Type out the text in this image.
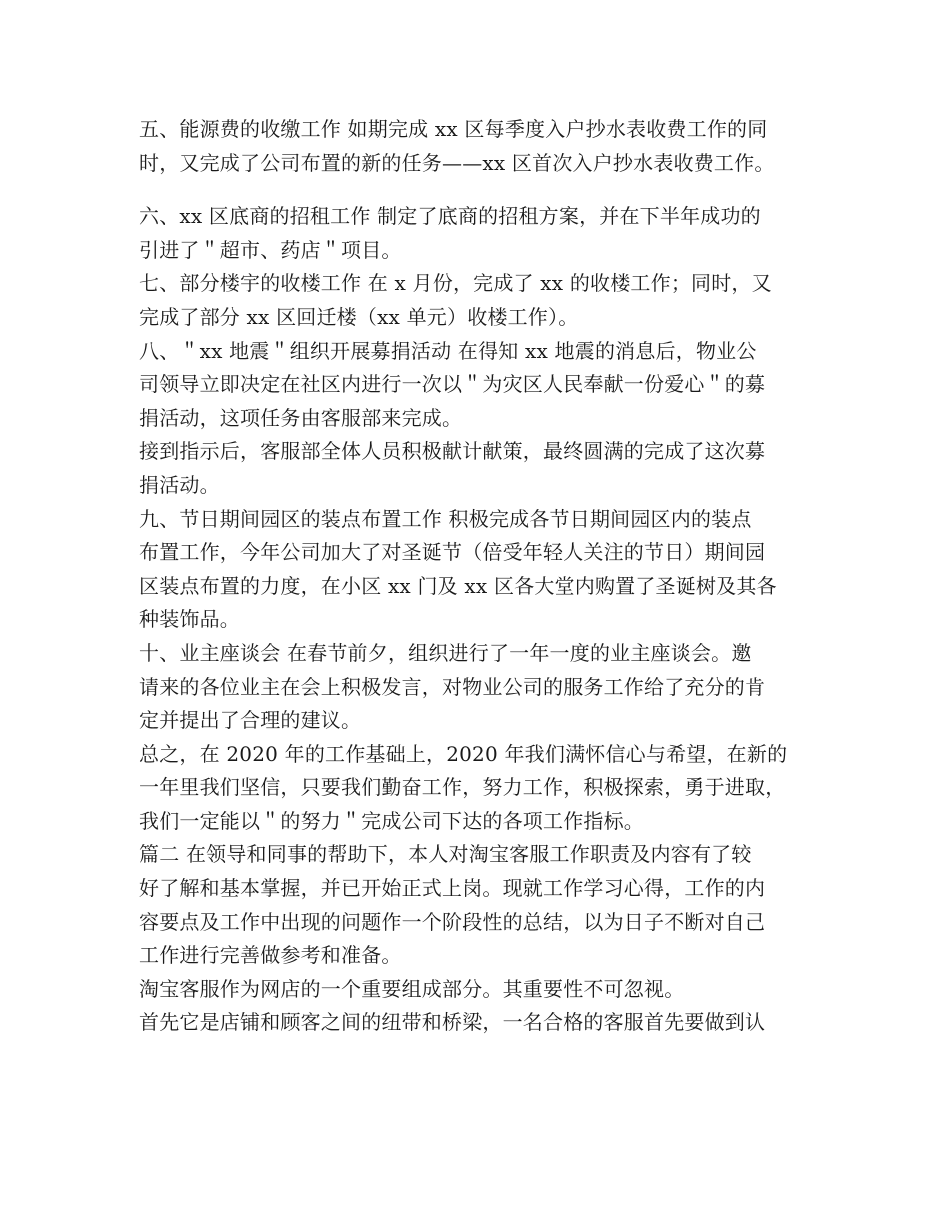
五、能源费的收缴工作 如期完成 xx 区每季度入户抄水表收费工作的同

时，又完成了公司布置的新的任务——xx 区首次入户抄水表收费工作。

六、xx 区底商的招租工作 制定了底商的招租方案，并在下半年成功的

引进了＂超市、药店＂项目。

七、部分楼宇的收楼工作 在 x 月份，完成了 xx 的收楼工作；同时，又

完成了部分 xx 区回迁楼（xx 单元）收楼工作）。

八、＂xx 地震＂组织开展募捐活动 在得知 xx 地震的消息后，物业公

司领导立即决定在社区内进行一次以＂为灾区人民奉献一份爱心＂的募

捐活动，这项任务由客服部来完成。

接到指示后，客服部全体人员积极献计献策，最终圆满的完成了这次募

捐活动。

九、节日期间园区的装点布置工作 积极完成各节日期间园区内的装点

布置工作，今年公司加大了对圣诞节（倍受年轻人关注的节日）期间园

区装点布置的力度，在小区 xx 门及 xx 区各大堂内购置了圣诞树及其各

种装饰品。

十、业主座谈会 在春节前夕，组织进行了一年一度的业主座谈会。邀

请来的各位业主在会上积极发言，对物业公司的服务工作给了充分的肯

定并提出了合理的建议。

总之，在 2020 年的工作基础上，2020 年我们满怀信心与希望，在新的

一年里我们坚信，只要我们勤奋工作，努力工作，积极探索，勇于进取，

我们一定能以＂的努力＂完成公司下达的各项工作指标。

篇二 在领导和同事的帮助下，本人对淘宝客服工作职责及内容有了较

好了解和基本掌握，并已开始正式上岗。现就工作学习心得，工作的内

容要点及工作中出现的问题作一个阶段性的总结，以为日子不断对自己

工作进行完善做参考和准备。

淘宝客服作为网店的一个重要组成部分。其重要性不可忽视。

首先它是店铺和顾客之间的纽带和桥梁，一名合格的客服首先要做到认
